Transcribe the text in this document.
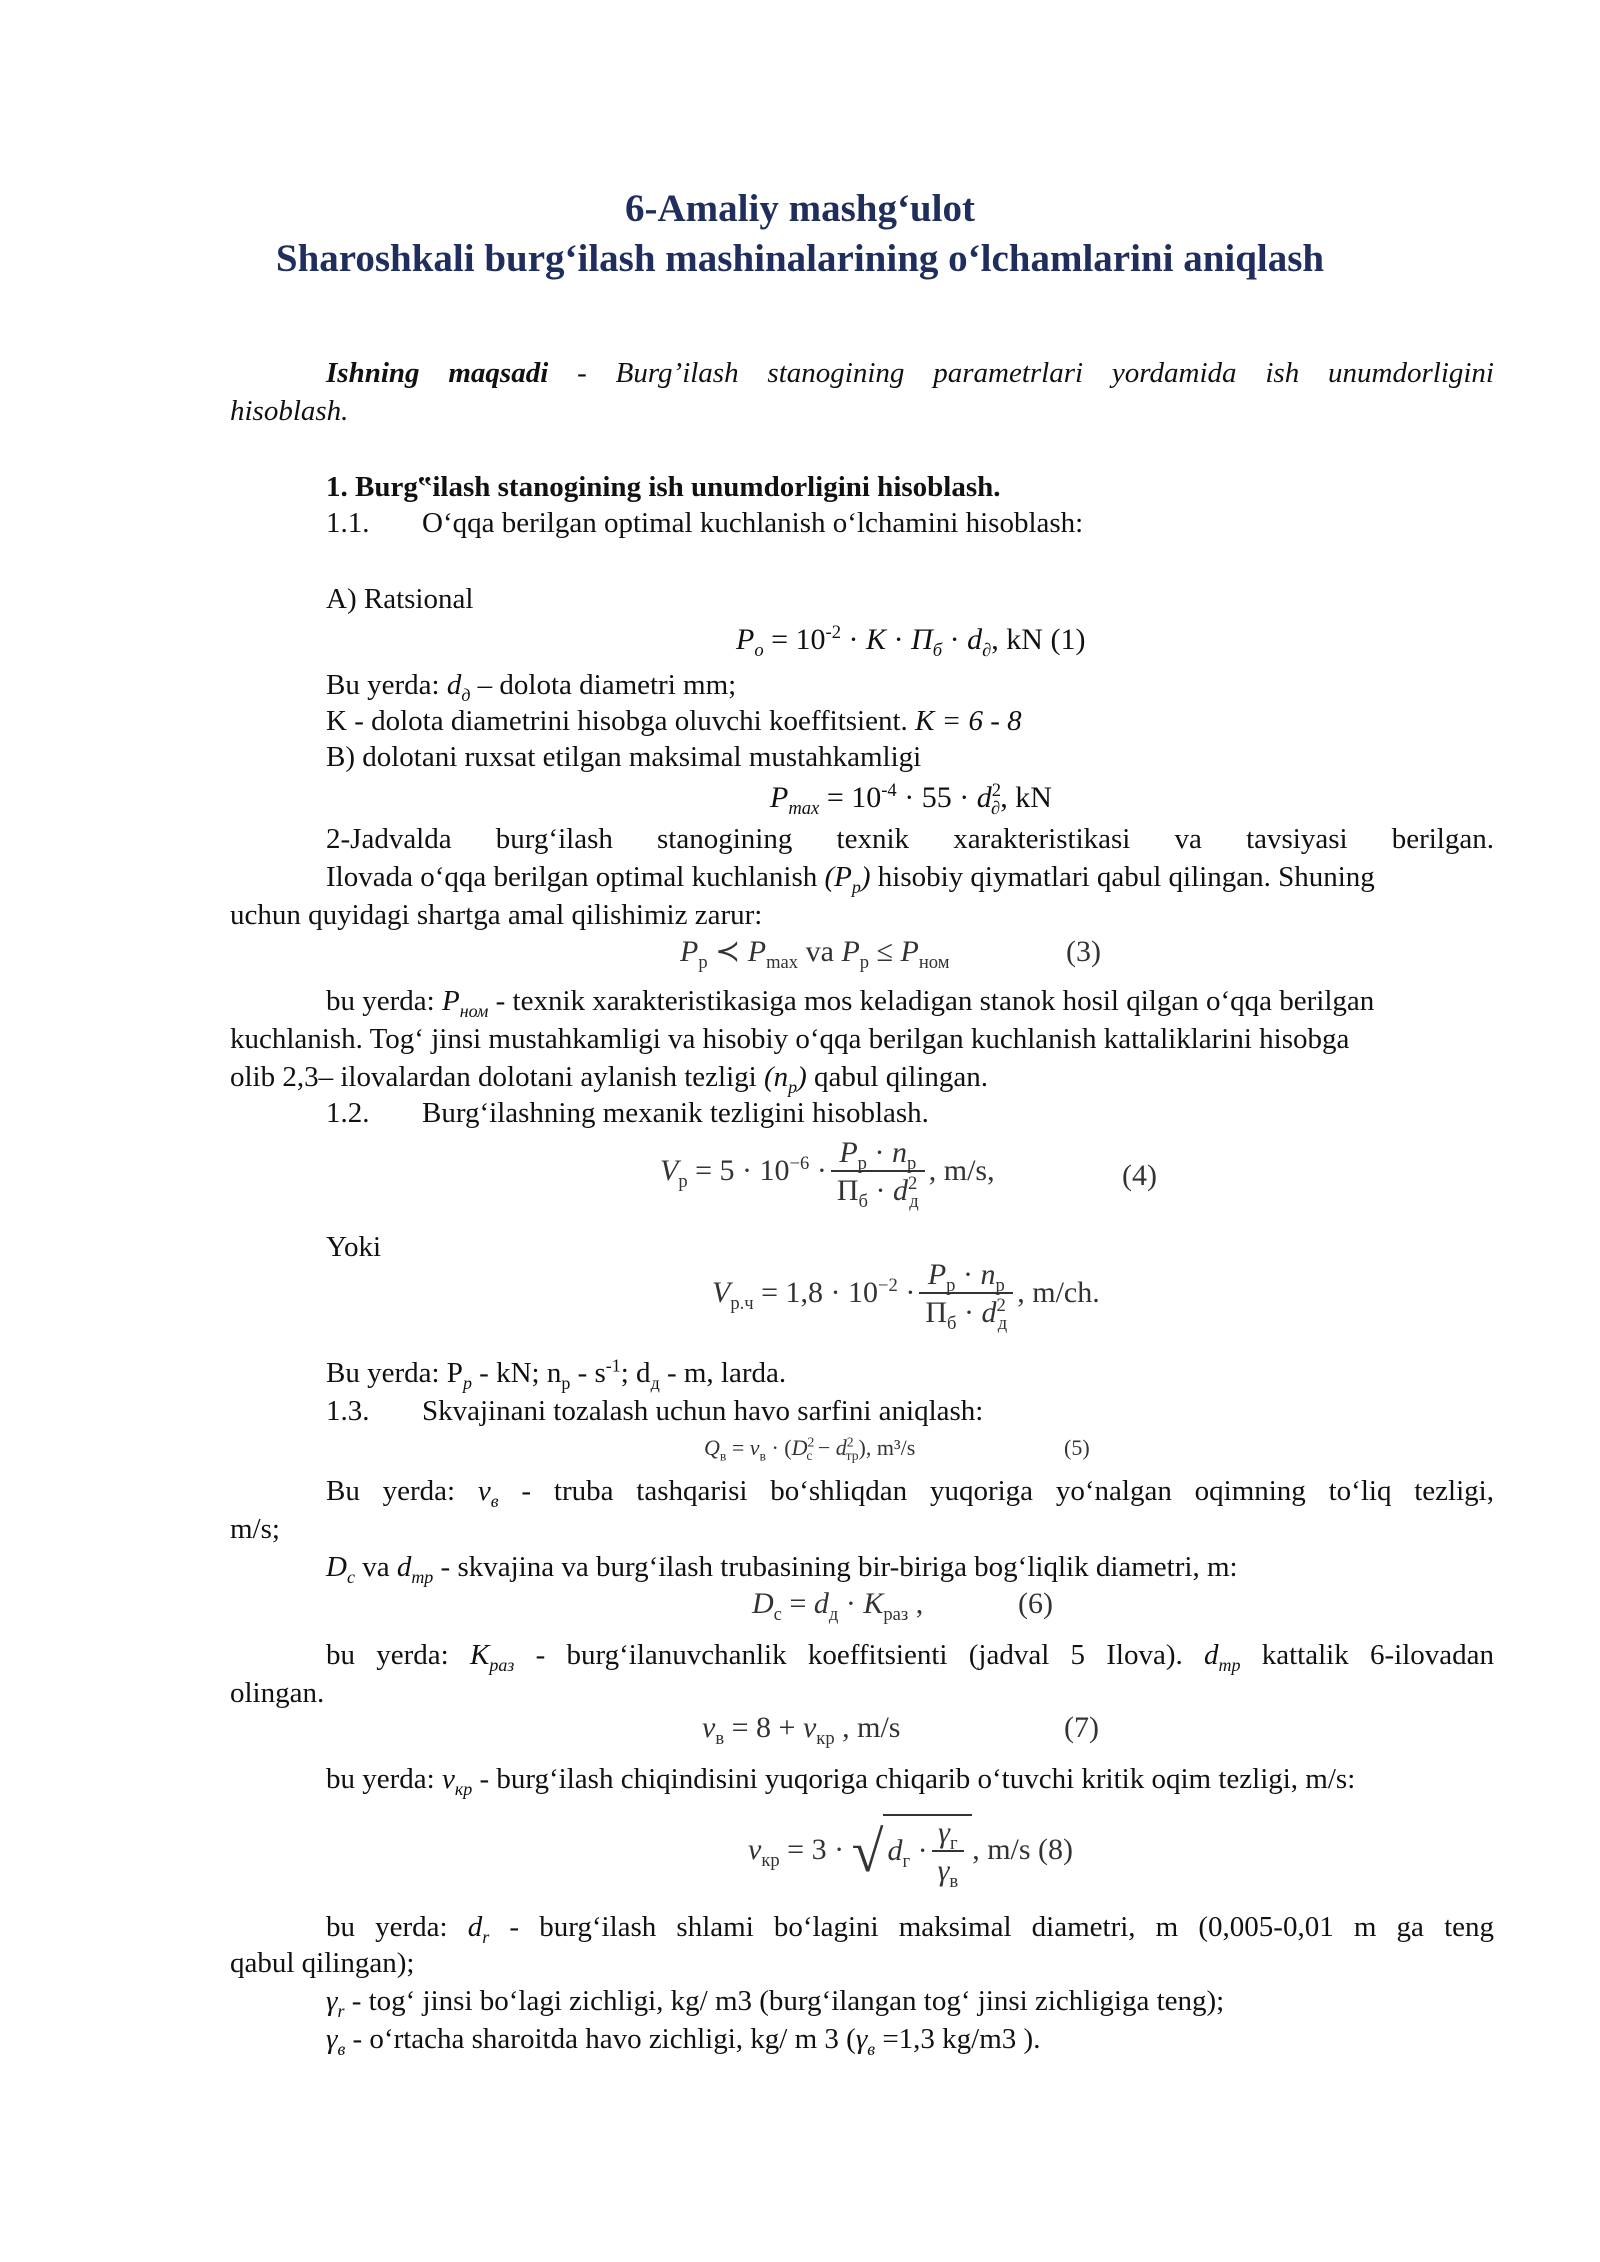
6-Amaliy mashg‘ulot
Sharoshkali burg‘ilash mashinalarining o‘lchamlarini aniqlash
Ishning maqsadi - Burg’ilash stanogining parametrlari yordamida ish unumdorligini
hisoblash.
1. Burg‟ilash stanogining ish unumdorligini hisoblash.
1.1. O‘qqa berilgan optimal kuchlanish o‘lchamini hisoblash:
A) Ratsional
$P_o = 10^{-2} \cdot K \cdot П_б \cdot d_\partial$, kN (1)
Bu yerda: $d_д$ – dolota diametri mm;
K - dolota diametrini hisobga oluvchi koeffitsient. K = 6 - 8
B) dolotani ruxsat etilgan maksimal mustahkamligi
$P_{max} = 10^{-4} \cdot 55 \cdot d^2_\partial$, kN
2-Jadvalda burg‘ilash stanogining texnik xarakteristikasi va tavsiyasi berilgan.
Ilovada o‘qqa berilgan optimal kuchlanish $(P_p)$ hisobiy qiymatlari qabul qilingan. Shuning
uchun quyidagi shartga amal qilishimiz zarur:
$P_р$ ≺ $P_{max}$ va $P_р \le P_{ном}$	(3)
bu yerda: $P_{ном}$ - texnik xarakteristikasiga mos keladigan stanok hosil qilgan o‘qqa berilgan
kuchlanish. Tog‘ jinsi mustahkamligi va hisobiy o‘qqa berilgan kuchlanish kattaliklarini hisobga
olib 2,3– ilovalardan dolotani aylanish tezligi $(n_p)$ qabul qilingan.
1.2. Burg‘ilashning mexanik tezligini hisoblash.
$V_р = 5 \cdot 10^{-6} \cdot \frac{P_р \cdot n_р}{П_б \cdot d^2_д}$ , m/s,	(4)
Yoki
$V_{р.ч} = 1,8 \cdot 10^{-2} \cdot \frac{P_р \cdot n_р}{П_б \cdot d^2_д}$ , m/ch.
Bu yerda: $P_p$ - kN; $n_p - s^{-1}$; $d_д$ - m, larda.
1.3. Skvajinani tozalash uchun havo sarfini aniqlash:
$Q_в = v_в \cdot (D^2_с - d^2_{тр})$, m³/s	(5)
Bu yerda: $v_в$ - truba tashqarisi bo‘shliqdan yuqoriga yo‘nalgan oqimning to‘liq tezligi,
m/s;
$D_c$ va $d_{тр}$ - skvajina va burg‘ilash trubasining bir-biriga bog‘liqlik diametri, m:
$D_с = d_д \cdot K_{раз}$ ,	(6)
bu yerda: $K_{раз}$ - burg‘ilanuvchanlik koeffitsienti (jadval 5 Ilova). $d_{тр}$ kattalik 6-ilovadan
olingan.
$v_в = 8 + v_{кр}$ , m/s	(7)
bu yerda: $v_{кр}$ - burg‘ilash chiqindisini yuqoriga chiqarib o‘tuvchi kritik oqim tezligi, m/s:
$v_{кр} = 3$ · √ $d_г \cdot \frac{\gamma_г}{\gamma_в}$ , m/s (8)
bu yerda: $d_r$ - burg‘ilash shlami bo‘lagini maksimal diametri, m (0,005-0,01 m ga teng
qabul qilingan);
$\gamma_r$ - tog‘ jinsi bo‘lagi zichligi, kg/ m3 (burg‘ilangan tog‘ jinsi zichligiga teng);
$\gamma_в$ - o‘rtacha sharoitda havo zichligi, kg/ m 3 ($\gamma_в =1,3$ kg/m3 ).
